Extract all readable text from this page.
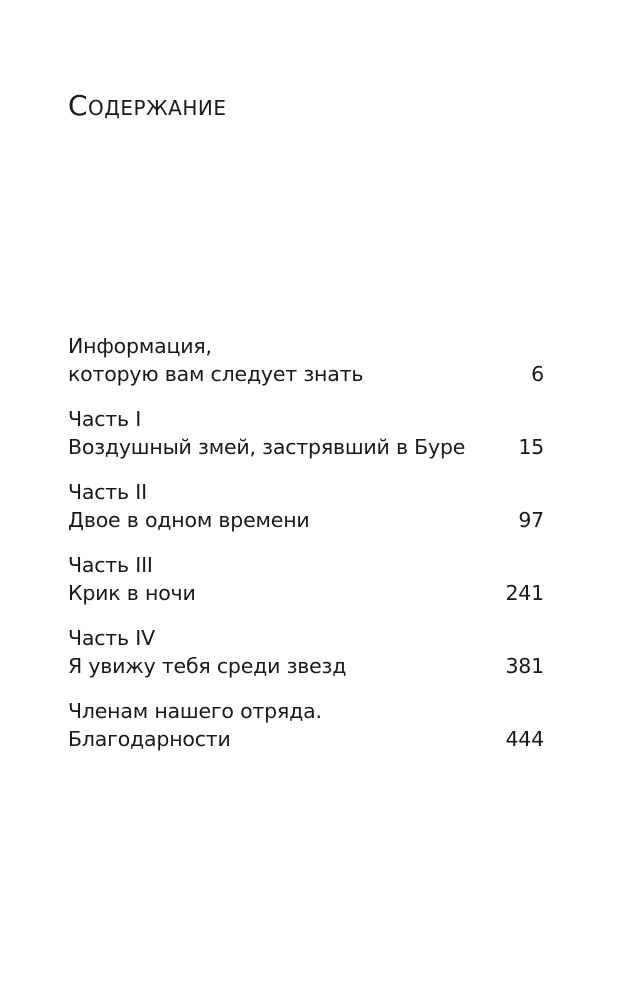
Содержание
Информация,
которую вам следует знать	6
Часть I
Воздушный змей, застрявший в Буре	15
Часть II
Двое в одном времени	97
Часть III
Крик в ночи	241
Часть IV
Я увижу тебя среди звезд	381
Членам нашего отряда.
Благодарности	444
